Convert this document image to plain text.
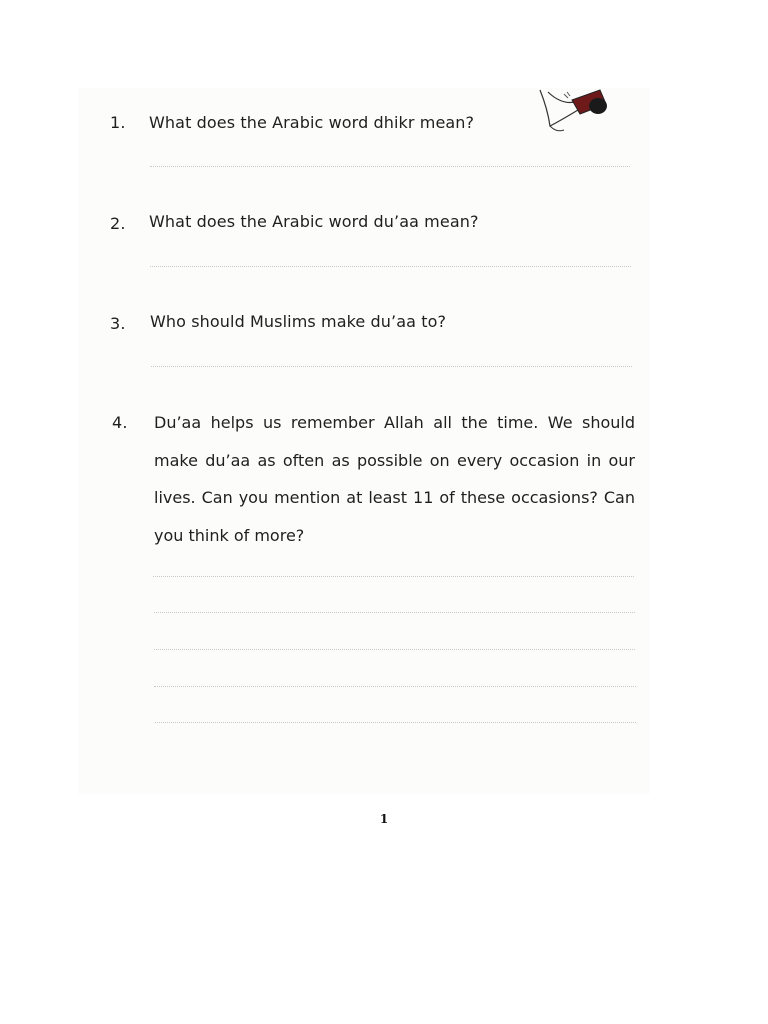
1. What does the Arabic word dhikr mean?
2. What does the Arabic word du’aa mean?
3. Who should Muslims make du’aa to?
4. Du’aa helps us remember Allah all the time. We should
make du’aa as often as possible on every occasion in our
lives. Can you mention at least 11 of these occasions? Can
you think of more?
1
